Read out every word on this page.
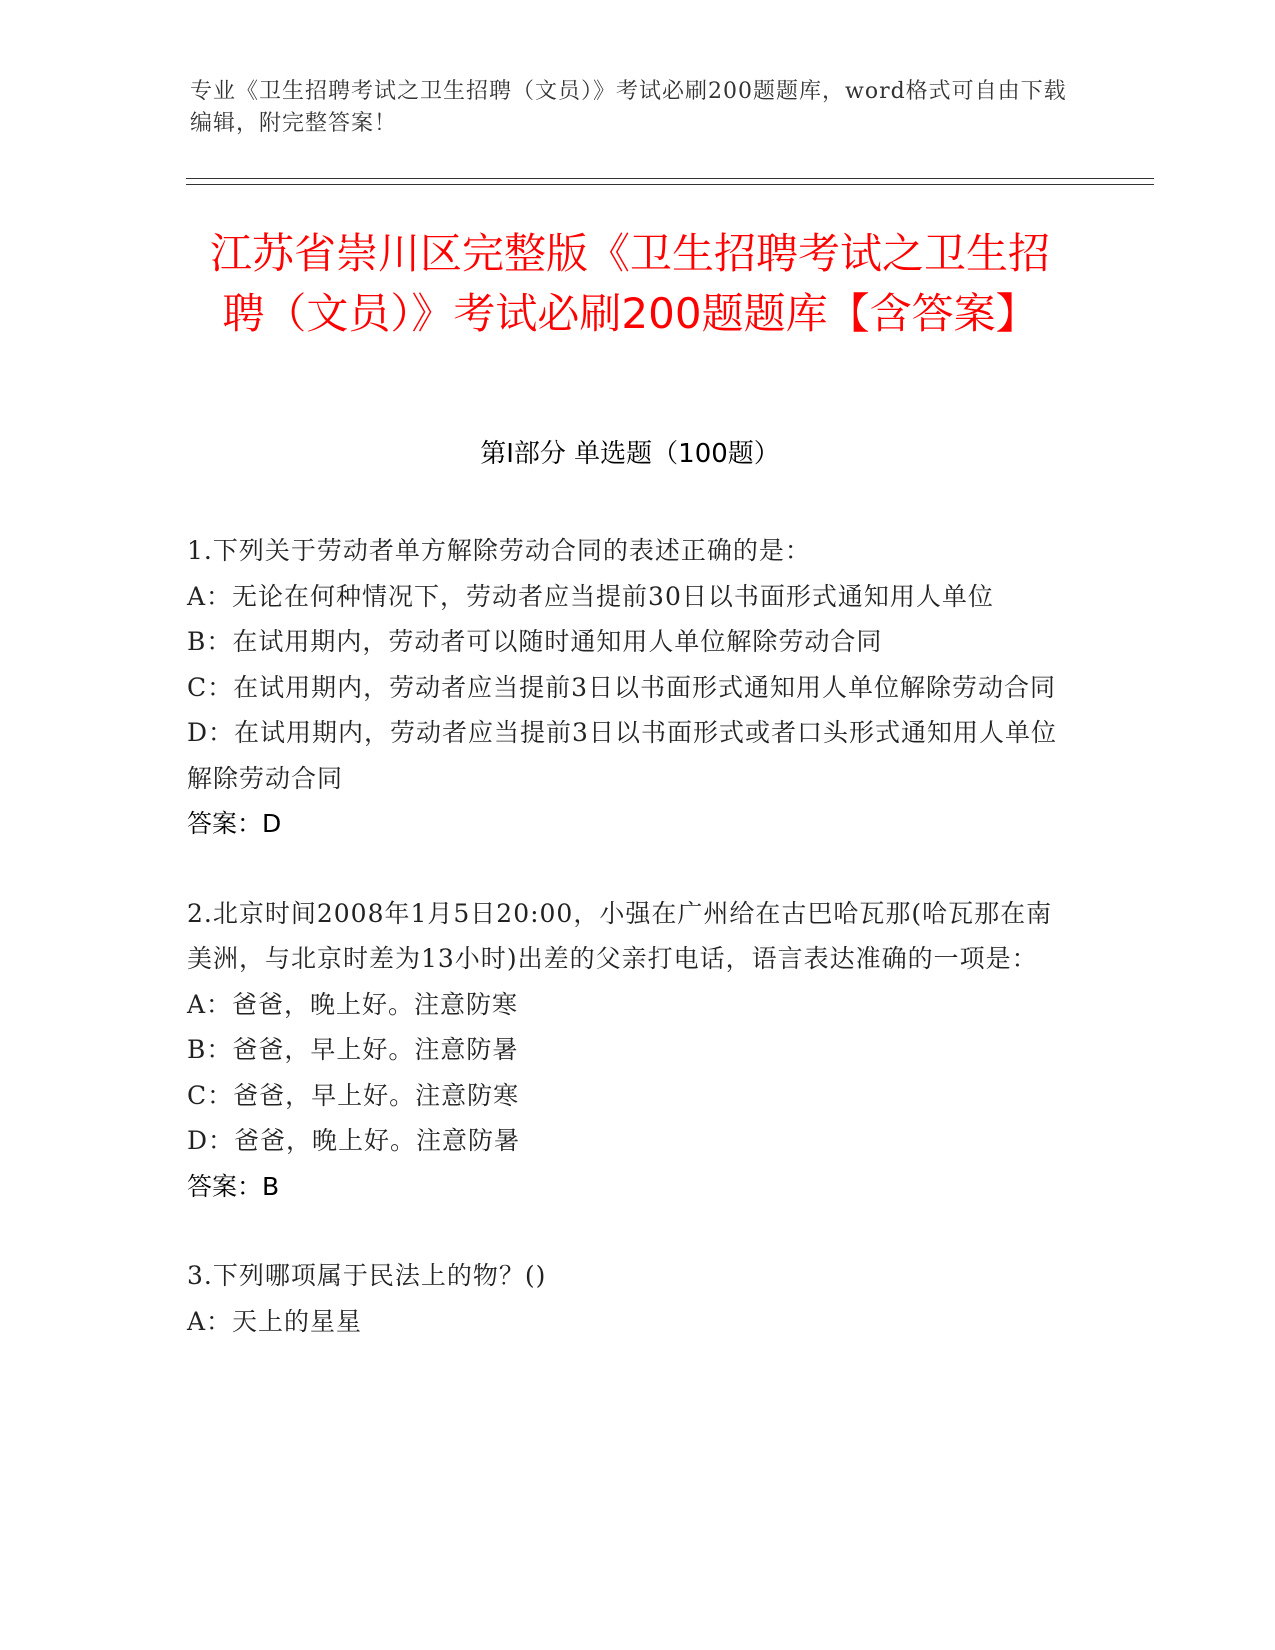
专业《卫生招聘考试之卫生招聘（文员）》考试必刷200题题库，word格式可自由下载编辑，附完整答案！
江苏省崇川区完整版《卫生招聘考试之卫生招聘（文员）》考试必刷200题题库【含答案】
第I部分 单选题（100题）
1.下列关于劳动者单方解除劳动合同的表述正确的是：
A：无论在何种情况下，劳动者应当提前30日以书面形式通知用人单位
B：在试用期内，劳动者可以随时通知用人单位解除劳动合同
C：在试用期内，劳动者应当提前3日以书面形式通知用人单位解除劳动合同
D：在试用期内，劳动者应当提前3日以书面形式或者口头形式通知用人单位解除劳动合同
答案：D
2.北京时间2008年1月5日20:00，小强在广州给在古巴哈瓦那(哈瓦那在南美洲，与北京时差为13小时)出差的父亲打电话，语言表达准确的一项是：
A：爸爸，晚上好。注意防寒
B：爸爸，早上好。注意防暑
C：爸爸，早上好。注意防寒
D：爸爸，晚上好。注意防暑
答案：B
3.下列哪项属于民法上的物？()
A：天上的星星
